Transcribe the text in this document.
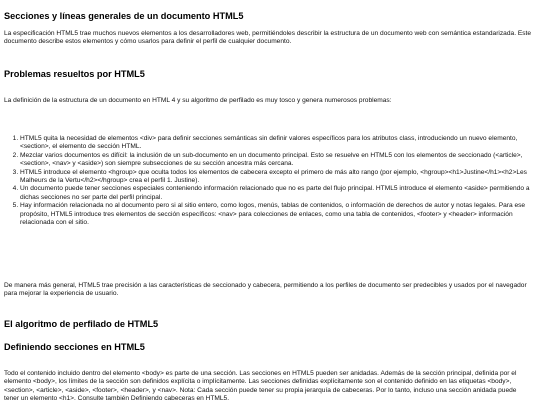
Secciones y líneas generales de un documento HTML5

La especificación HTML5 trae muchos nuevos elementos a los desarrolladores web, permitiéndoles describir la estructura de un documento web con semántica estandarizada. Este documento describe estos elementos y cómo usarlos para definir el perfil de cualquier documento.

Problemas resueltos por HTML5

La definición de la estructura de un documento en HTML 4 y su algoritmo de perfilado es muy tosco y genera numerosos problemas:

1. HTML5 quita la necesidad de elementos <div> para definir secciones semánticas sin definir valores específicos para los atributos class, introduciendo un nuevo elemento, <section>, el elemento de sección HTML.
2. Mezclar varios documentos es difícil: la inclusión de un sub-documento en un documento principal. Esto se resuelve en HTML5 con los elementos de seccionado (<article>, <section>, <nav> y <aside>) son siempre subsecciones de su sección ancestra más cercana.
3. HTML5 introduce el elemento <hgroup> que oculta todos los elementos de cabecera excepto el primero de más alto rango (por ejemplo, <hgroup><h1>Justine</h1><h2>Les Malheurs de la Vertu</h2></hgroup> crea el perfil 1. Justine).
4. Un documento puede tener secciones especiales conteniendo información relacionado que no es parte del flujo principal. HTML5 introduce el elemento <aside> permitiendo a dichas secciones no ser parte del perfil principal.
5. Hay información relacionada no al documento pero si al sitio entero, como logos, menús, tablas de contenidos, o información de derechos de autor y notas legales. Para ese propósito, HTML5 introduce tres elementos de sección específicos: <nav> para colecciones de enlaces, como una tabla de contenidos, <footer> y <header> información relacionada con el sitio.

De manera más general, HTML5 trae precisión a las características de seccionado y cabecera, permitiendo a los perfiles de documento ser predecibles y usados por el navegador para mejorar la experiencia de usuario.

El algoritmo de perfilado de HTML5
Definiendo secciones en HTML5

Todo el contenido incluido dentro del elemento <body> es parte de una sección. Las secciones en HTML5 pueden ser anidadas. Además de la sección principal, definida por el elemento <body>, los límites de la sección son definidos explícita o implícitamente. Las secciones definidas explícitamente son el contenido definido en las etiquetas <body>, <section>, <article>, <aside>, <footer>, <header>, y <nav>. Nota: Cada sección puede tener su propia jerarquía de cabeceras. Por lo tanto, incluso una sección anidada puede tener un elemento <h1>. Consulte también Definiendo cabeceras en HTML5.
